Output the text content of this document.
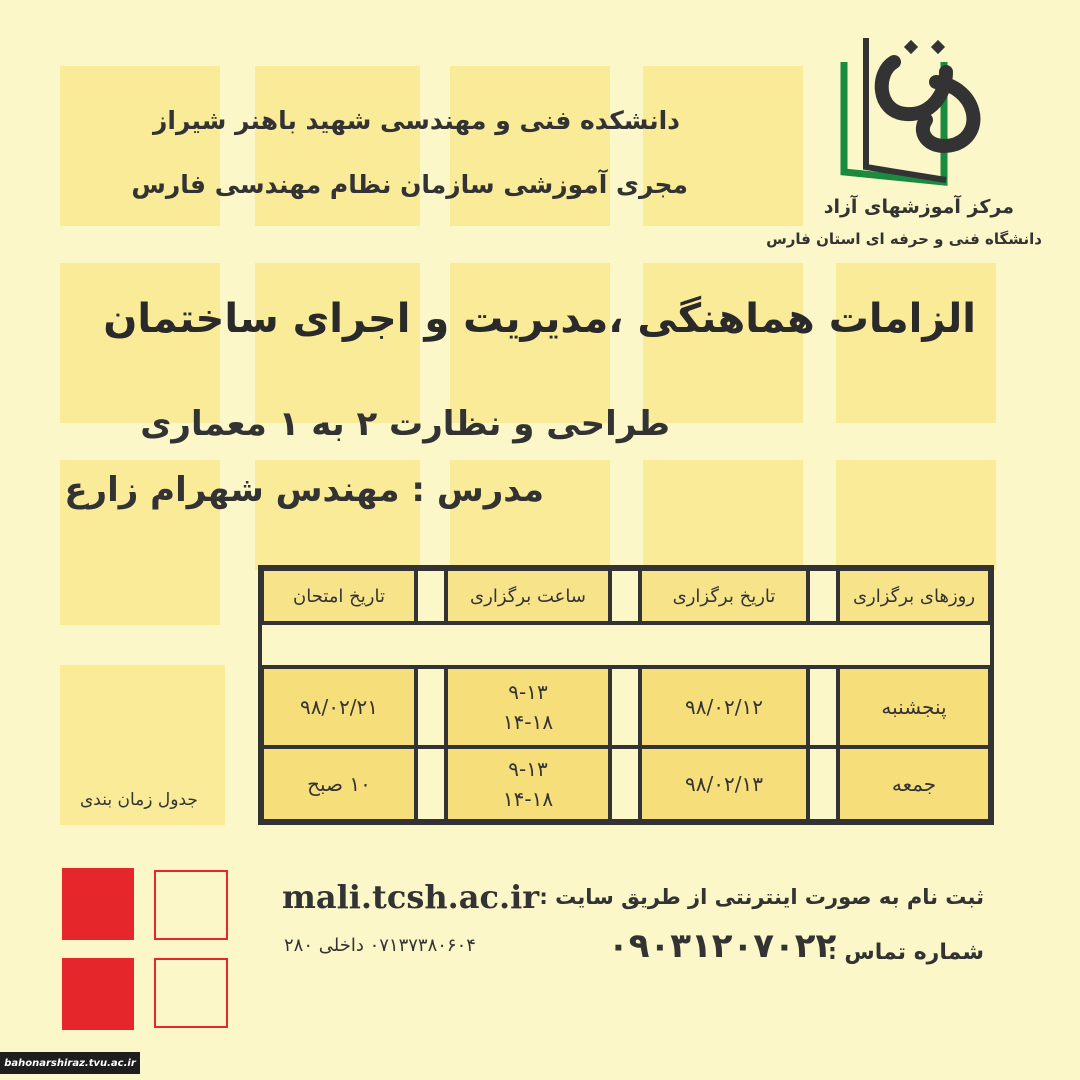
مرکز آموزشهای آزاد
دانشگاه فنی و حرفه ای استان فارس
دانشکده فنی و مهندسی شهید باهنر شیراز
مجری آموزشی سازمان نظام مهندسی فارس
الزامات هماهنگی ،مدیریت و اجرای ساختمان
طراحی و نظارت ۲ به ۱ معماری
مدرس : مهندس شهرام زارع
روزهای برگزاری
تاریخ برگزاری
ساعت برگزاری
تاریخ امتحان
پنجشنبه
۹۸/۰۲/۱۲
۹-۱۳
۱۴-۱۸
۹۸/۰۲/۲۱
جمعه
۹۸/۰۲/۱۳
۹-۱۳
۱۴-۱۸
۱۰ صبح
جدول زمان بندی
mali.tcsh.ac.ir ثبت نام به صورت اینترنتی از طریق سایت :
شماره تماس :
۰۹۰۳۱۲۰۷۰۲۲
۰۷۱۳۷۳۸۰۶۰۴ داخلی ۲۸۰
bahonarshiraz.tvu.ac.ir
